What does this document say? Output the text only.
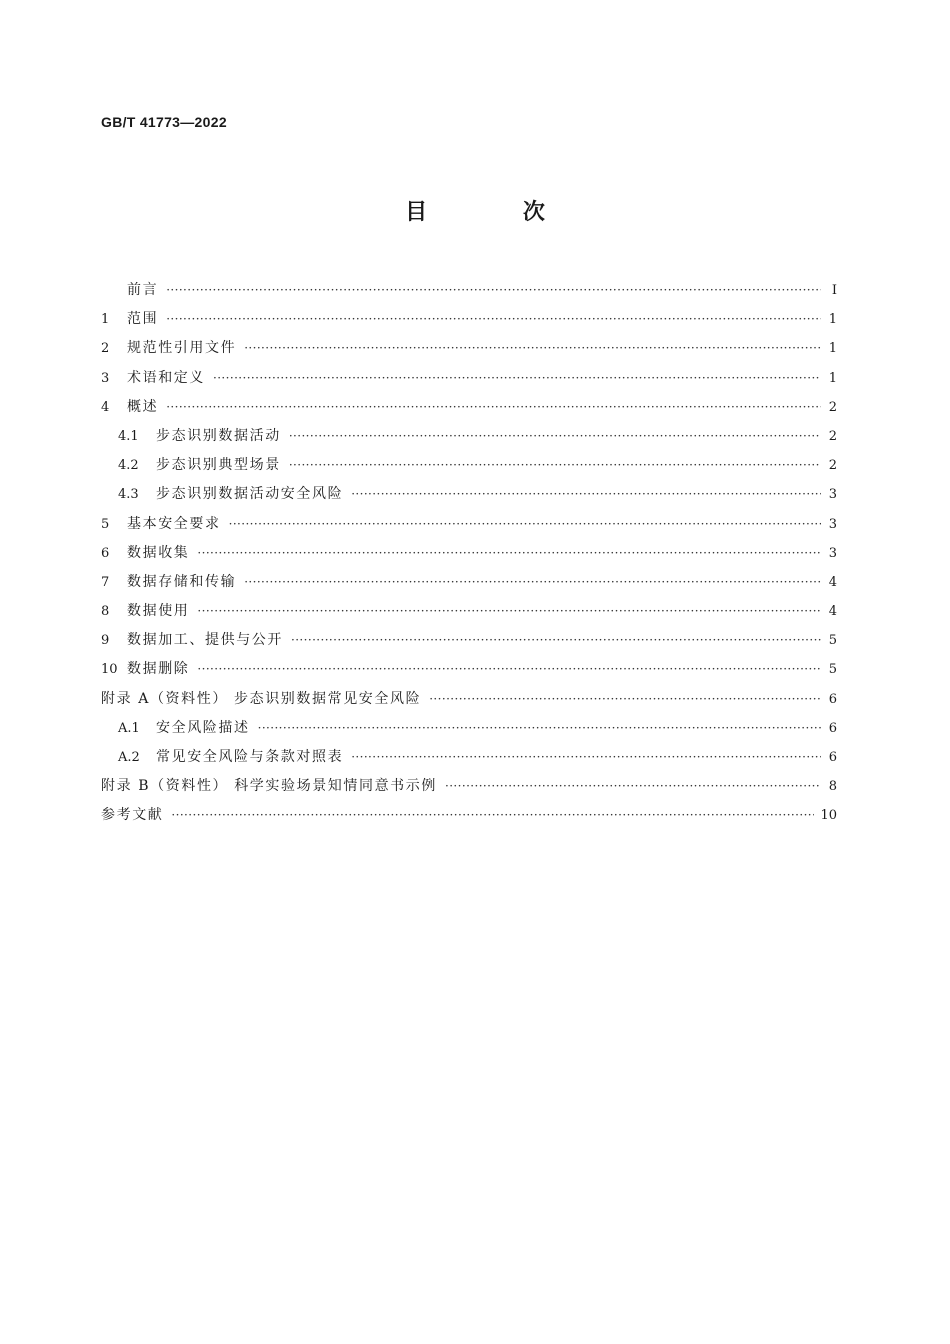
GB/T 41773—2022
目 次
前言 ·····	Ⅰ
1	范围 ·····	1
2	规范性引用文件 ·····	1
3	术语和定义 ·····	1
4	概述 ·····	2
4.1	步态识别数据活动 ·····	2
4.2	步态识别典型场景 ·····	2
4.3	步态识别数据活动安全风险 ·····	3
5	基本安全要求 ·····	3
6	数据收集 ·····	3
7	数据存储和传输 ·····	4
8	数据使用 ·····	4
9	数据加工、提供与公开 ·····	5
10 数据删除 ·····	5
附录 A（资料性） 步态识别数据常见安全风险 ·····	6
A.1	安全风险描述 ·····	6
A.2	常见安全风险与条款对照表 ·····	6
附录 B（资料性） 科学实验场景知情同意书示例 ·····	8
参考文献 ·····	10
